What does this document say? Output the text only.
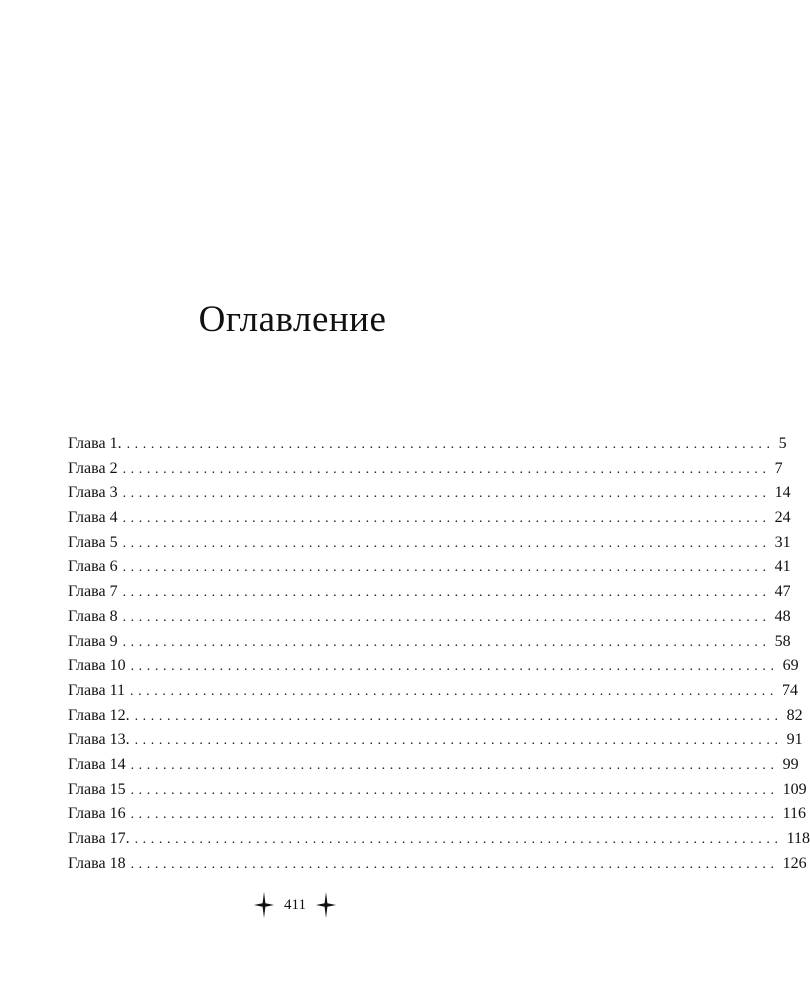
Оглавление
Глава 1. ................................................................................ 5
Глава 2 ................................................................................ 7
Глава 3 ................................................................................ 14
Глава 4 ................................................................................ 24
Глава 5 ................................................................................ 31
Глава 6 ................................................................................ 41
Глава 7 ................................................................................ 47
Глава 8 ................................................................................ 48
Глава 9 ................................................................................ 58
Глава 10 ................................................................................ 69
Глава 11 ................................................................................ 74
Глава 12. ................................................................................ 82
Глава 13. ................................................................................ 91
Глава 14 ................................................................................ 99
Глава 15 ................................................................................ 109
Глава 16 ................................................................................ 116
Глава 17. ................................................................................ 118
Глава 18 ................................................................................ 126
411
